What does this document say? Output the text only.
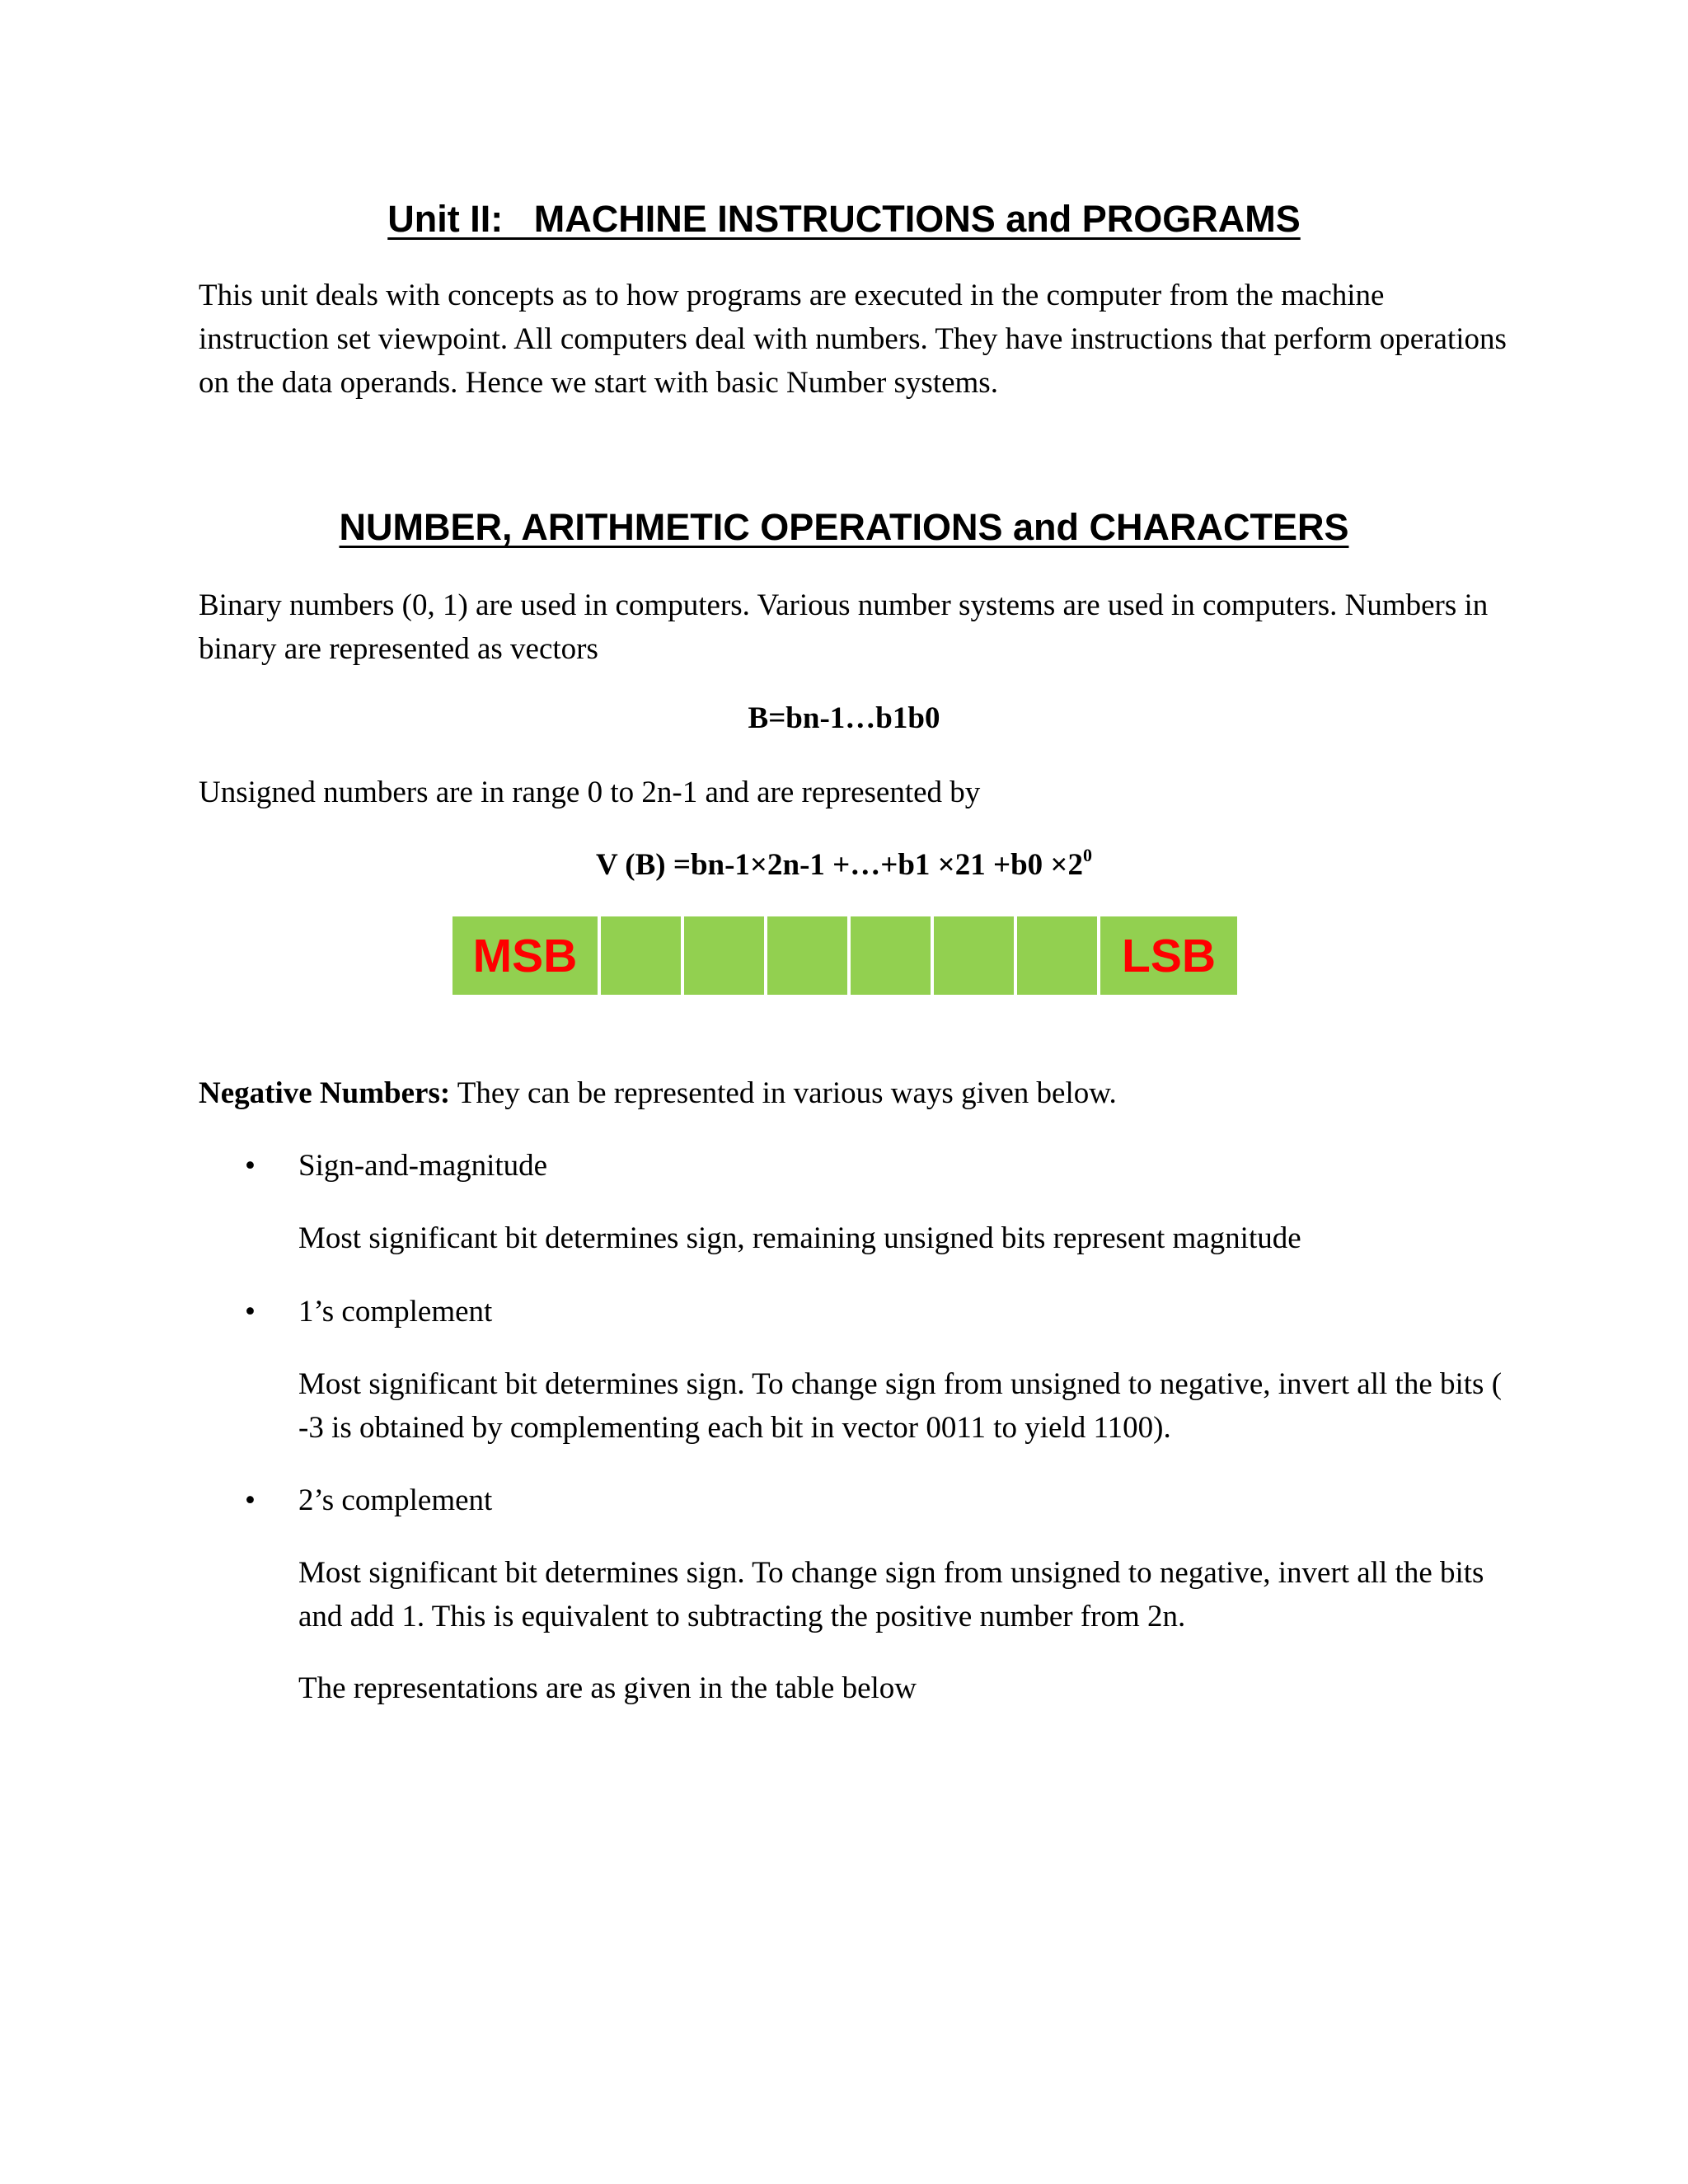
Unit II:   MACHINE INSTRUCTIONS and PROGRAMS

This unit deals with concepts as to how programs are executed in the computer from the machine instruction set viewpoint. All computers deal with numbers. They have instructions that perform operations on the data operands. Hence we start with basic Number systems.

NUMBER, ARITHMETIC OPERATIONS and CHARACTERS

Binary numbers (0, 1) are used in computers. Various number systems are used in computers. Numbers in binary are represented as vectors

B=bn-1…b1b0

Unsigned numbers are in range 0 to 2n-1 and are represented by

V (B) =bn-1×2n-1 +…+b1 $\times 21 +b0 \times 2^0$

MSB	LSB

Negative Numbers: They can be represented in various ways given below.

• Sign-and-magnitude

Most significant bit determines sign, remaining unsigned bits represent magnitude

• 1’s complement

Most significant bit determines sign. To change sign from unsigned to negative, invert all the bits ( -3 is obtained by complementing each bit in vector 0011 to yield 1100).

• 2’s complement

Most significant bit determines sign. To change sign from unsigned to negative, invert all the bits and add 1. This is equivalent to subtracting the positive number from 2n.

The representations are as given in the table below
